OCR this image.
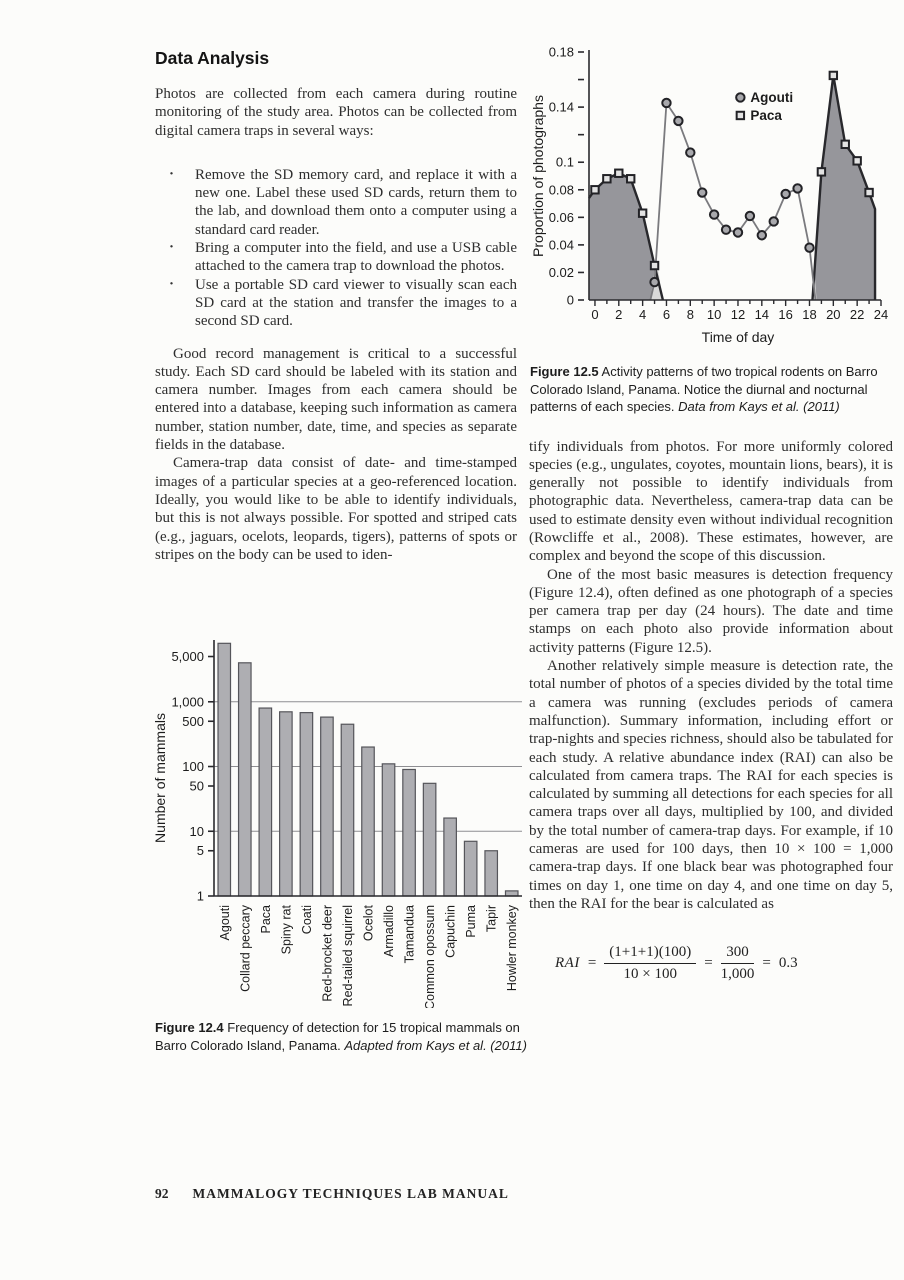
Data Analysis

Photos are collected from each camera during routine monitoring of the study area. Photos can be collected from digital camera traps in several ways:

· Remove the SD memory card, and replace it with a new one. Label these used SD cards, return them to the lab, and download them onto a computer using a standard card reader.
· Bring a computer into the field, and use a USB cable attached to the camera trap to download the photos.
· Use a portable SD card viewer to visually scan each SD card at the station and transfer the images to a second SD card.

Good record management is critical to a successful study. Each SD card should be labeled with its station and camera number. Images from each camera should be entered into a database, keeping such information as camera number, station number, date, time, and species as separate fields in the database.

Camera-trap data consist of date- and time-stamped images of a particular species at a geo-referenced location. Ideally, you would like to be able to identify individuals, but this is not always possible. For spotted and striped cats (e.g., jaguars, ocelots, leopards, tigers), patterns of spots or stripes on the body can be used to iden-

Agouti Collard peccary Paca Spiny rat Coati Red-brocket deer Red-tailed squirrel Ocelot Armadillo Tamandua Common opossum Capuchin Puma Tapir Howler monkey
5,000
1,000
500
100
50
10
5
1
Number of mammals

Figure 12.4 Frequency of detection for 15 tropical mammals on Barro Colorado Island, Panama. Adapted from Kays et al. (2011)

0
0.02
0.04
0.06
0.08
0.1
0.14
0.18
0 2 4 6 8 10 12 14 16 18 20 22 24
Agouti
Paca
Time of day
Proportion of photographs

Figure 12.5 Activity patterns of two tropical rodents on Barro Colorado Island, Panama. Notice the diurnal and nocturnal patterns of each species. Data from Kays et al. (2011)

tify individuals from photos. For more uniformly colored species (e.g., ungulates, coyotes, mountain lions, bears), it is generally not possible to identify individuals from photographic data. Nevertheless, camera-trap data can be used to estimate density even without individual recognition (Rowcliffe et al., 2008). These estimates, however, are complex and beyond the scope of this discussion.

One of the most basic measures is detection frequency (Figure 12.4), often defined as one photograph of a species per camera trap per day (24 hours). The date and time stamps on each photo also provide information about activity patterns (Figure 12.5).

Another relatively simple measure is detection rate, the total number of photos of a species divided by the total time a camera was running (excludes periods of camera malfunction). Summary information, including effort or trap-nights and species richness, should also be tabulated for each study. A relative abundance index (RAI) can also be calculated from camera traps. The RAI for each species is calculated by summing all detections for each species for all camera traps over all days, multiplied by 100, and divided by the total number of camera-trap days. For example, if 10 cameras are used for 100 days, then 10 × 100 = 1,000 camera-trap days. If one black bear was photographed four times on day 1, one time on day 4, and one time on day 5, then the RAI for the bear is calculated as

RAI = $\frac{(1+1+1)(100)}{10 \times 100} = \frac{300}{1,000} = 0.3$
92 MAMMALOGY TECHNIQUES LAB MANUAL
